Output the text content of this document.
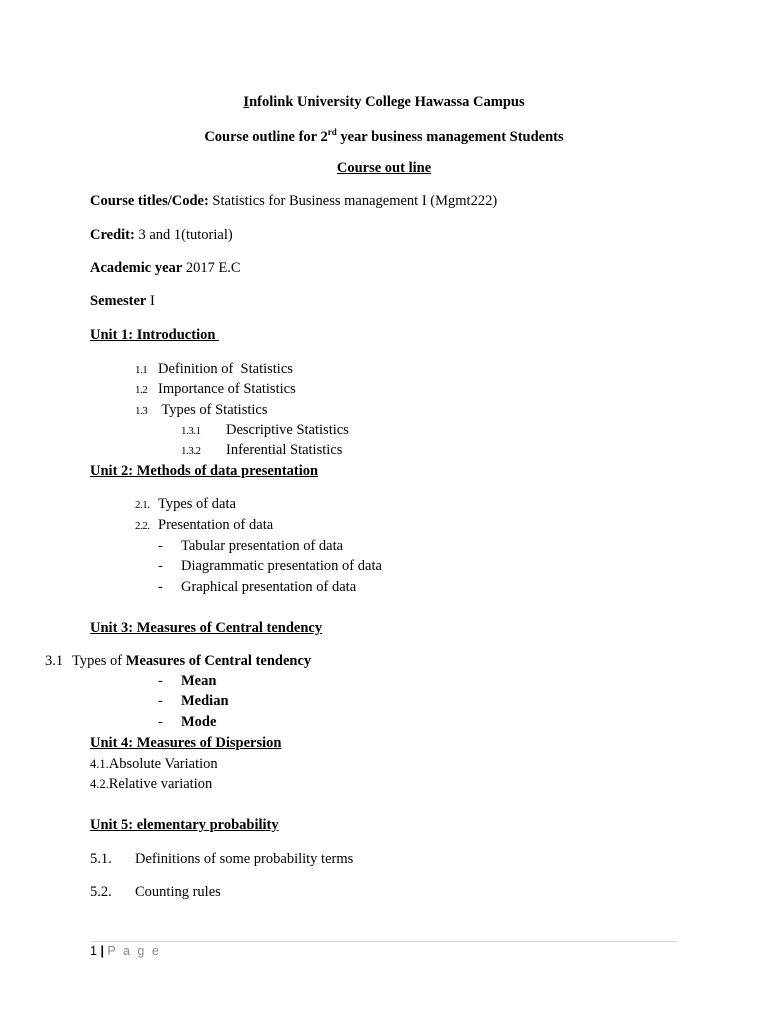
Infolink University College Hawassa Campus
Course outline for 2rd year business management Students
Course out line
Course titles/Code: Statistics for Business management I (Mgmt222)
Credit: 3 and 1(tutorial)
Academic year 2017 E.C
Semester I
Unit 1: Introduction
1.1 Definition of  Statistics
1.2 Importance of Statistics
1.3 Types of Statistics
1.3.1 Descriptive Statistics
1.3.2 Inferential Statistics
Unit 2: Methods of data presentation
2.1. Types of data
2.2. Presentation of data
- Tabular presentation of data
- Diagrammatic presentation of data
- Graphical presentation of data
Unit 3: Measures of Central tendency
3.1 Types of Measures of Central tendency
- Mean
- Median
- Mode
Unit 4: Measures of Dispersion
4.1.Absolute Variation
4.2.Relative variation
Unit 5: elementary probability
5.1. Definitions of some probability terms
5.2. Counting rules
1 | P a g e
